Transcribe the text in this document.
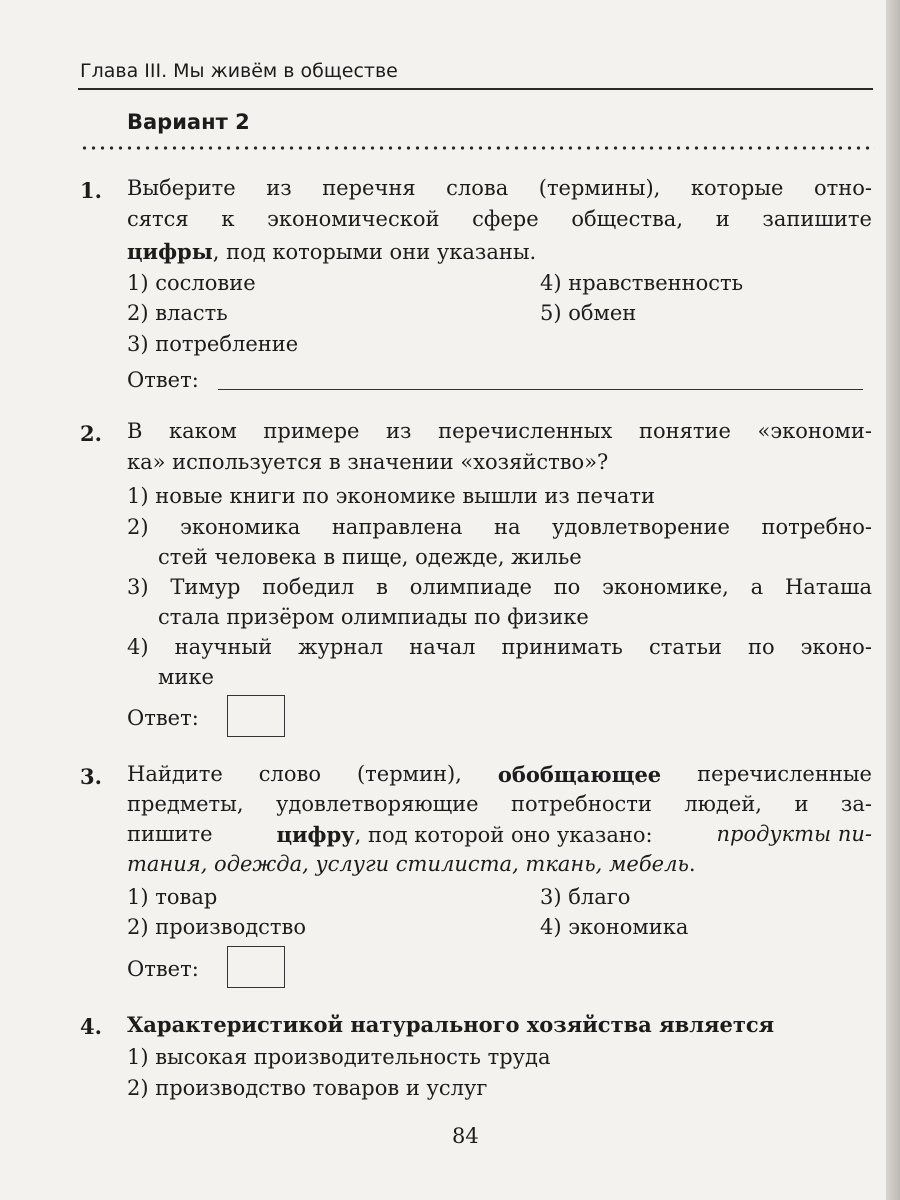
Глава III. Мы живём в обществе
Вариант 2
1. Выберите из перечня слова (термины), которые отно-
сятся к экономической сфере общества, и запишите
цифры, под которыми они указаны.
1) сословие
2) власть
3) потребление
4) нравственность
5) обмен
Ответ:
2. В каком примере из перечисленных понятие «экономи-
ка» используется в значении «хозяйство»?
1) новые книги по экономике вышли из печати
2) экономика направлена на удовлетворение потребно-
стей человека в пище, одежде, жилье
3) Тимур победил в олимпиаде по экономике, а Наташа
стала призёром олимпиады по физике
4) научный журнал начал принимать статьи по эконо-
мике
Ответ:
3. Найдите слово (термин), обобщающее перечисленные
предметы, удовлетворяющие потребности людей, и за-
пишите	цифру, под которой оно указано:	продукты пи-
тания, одежда, услуги стилиста, ткань, мебель.
1) товар
2) производство
3) благо
4) экономика
Ответ:
4. Характеристикой натурального хозяйства является
1) высокая производительность труда
2) производство товаров и услуг
84
